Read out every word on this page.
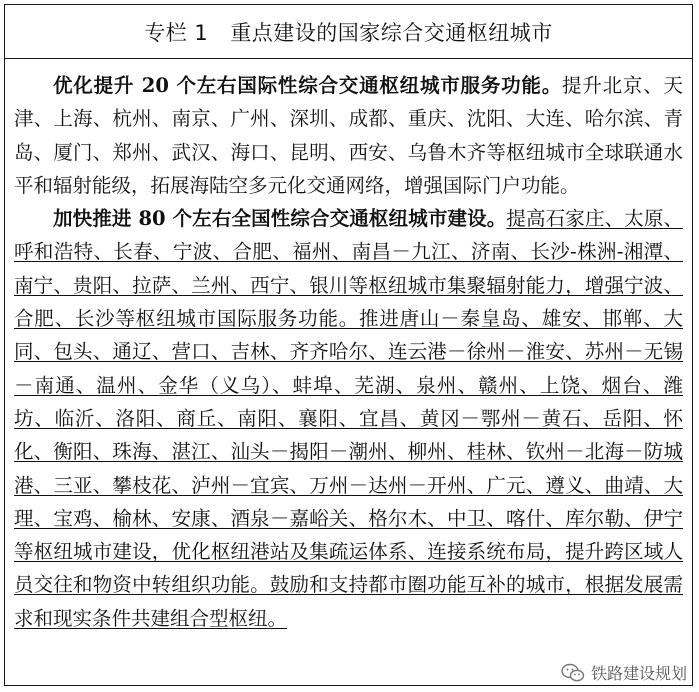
专栏 1 重点建设的国家综合交通枢纽城市

优化提升 20 个左右国际性综合交通枢纽城市服务功能。提升北京、天津、上海、杭州、南京、广州、深圳、成都、重庆、沈阳、大连、哈尔滨、青岛、厦门、郑州、武汉、海口、昆明、西安、乌鲁木齐等枢纽城市全球联通水平和辐射能级，拓展海陆空多元化交通网络，增强国际门户功能。

加快推进 80 个左右全国性综合交通枢纽城市建设。提高石家庄、太原、呼和浩特、长春、宁波、合肥、福州、南昌－九江、济南、长沙-株洲-湘潭、南宁、贵阳、拉萨、兰州、西宁、银川等枢纽城市集聚辐射能力，增强宁波、合肥、长沙等枢纽城市国际服务功能。推进唐山－秦皇岛、雄安、邯郸、大同、包头、通辽、营口、吉林、齐齐哈尔、连云港－徐州－淮安、苏州－无锡－南通、温州、金华（义乌）、蚌埠、芜湖、泉州、赣州、上饶、烟台、潍坊、临沂、洛阳、商丘、南阳、襄阳、宜昌、黄冈－鄂州－黄石、岳阳、怀化、衡阳、珠海、湛江、汕头－揭阳－潮州、柳州、桂林、钦州－北海－防城港、三亚、攀枝花、泸州－宜宾、万州－达州－开州、广元、遵义、曲靖、大理、宝鸡、榆林、安康、酒泉－嘉峪关、格尔木、中卫、喀什、库尔勒、伊宁等枢纽城市建设，优化枢纽港站及集疏运体系、连接系统布局，提升跨区域人员交往和物资中转组织功能。鼓励和支持都市圈功能互补的城市，根据发展需求和现实条件共建组合型枢纽。

铁路建设规划
